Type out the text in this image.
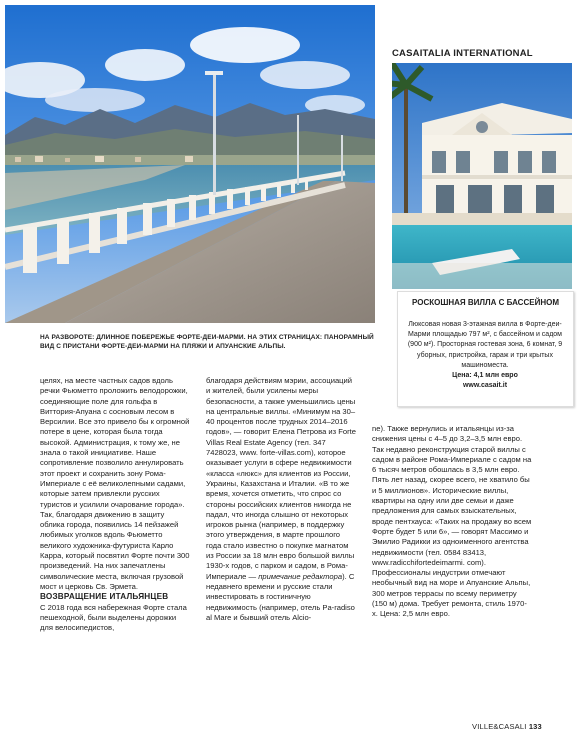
НА РАЗВОРОТЕ: ДЛИННОЕ ПОБЕРЕЖЬЕ ФОРТЕ-ДЕИ-МАРМИ. НА ЭТИХ СТРАНИЦАХ: ПАНОРАМНЫЙ ВИД С ПРИСТАНИ ФОРТЕ-ДЕИ-МАРМИ НА ПЛЯЖИ И АПУАНСКИЕ АЛЬПЫ.
CASAITALIA INTERNATIONAL
РОСКОШНАЯ ВИЛЛА С БАССЕЙНОМ
Люксовая новая 3-этажная вилла в Форте-деи-Марми площадью 797 м², с бассейном и садом (900 м²). Просторная гостевая зона, 6 комнат, 9 уборных, пристройка, гараж и три крытых машиноместа.
Цена: 4,1 млн евро
www.casait.it

целях, на месте частных садов вдоль речки Фьюметто проложить велодорожки, соединяющие поле для гольфа в Виттория-Апуана с сосновым лесом в Версилии. Все это привело бы к огромной потере в цене, которая была тогда высокой. Администрация, к тому же, не знала о такой инициативе. Наше сопротивление позволило аннулировать этот проект и сохранить зону Рома-Империале с её великолепными садами, которые затем привлекли русских туристов и усилили очарование города». Так, благодаря движению в защиту облика города, появились 14 пейзажей любимых уголков вдоль Фьюметто великого художника-футуриста Карло Карра, который посвятил Форте почти 300 произведений. На них запечатлены символические места, включая грузовой мост и церковь Св. Эрмета.

ВОЗВРАЩЕНИЕ ИТАЛЬЯНЦЕВ

С 2018 года вся набережная Форте стала пешеходной, были выделены дорожки для велосипедистов,

благодаря действиям мэрии, ассоциаций и жителей, были усилены меры безопасности, а также уменьшились цены на центральные виллы. «Минимум на 30–40 процентов после трудных 2014–2016 годов», — говорит Елена Петрова из Forte Villas Real Estate Agency (тел. 347 7428023, www. forte-villas.com), которое оказывает услуги в сфере недвижимости «класса «люкс» для клиентов из России, Украины, Казахстана и Италии. «В то же время, хочется отметить, что спрос со стороны российских клиентов никогда не падал, что иногда слышно от некоторых игроков рынка (например, в поддержку этого утверждения, в марте прошлого года стало известно о покупке магнатом из России за 18 млн евро большой виллы 1930-х годов, с парком и садом, в Рома-Империале — примечание редактора). С недавнего времени и русские стали инвестировать в гостиничную недвижимость (например, отель Pa-radiso al Mare и бывший отель Alcio-

ne). Также вернулись и итальянцы из-за снижения цены с 4–5 до 3,2–3,5 млн евро. Так недавно реконструкция старой виллы с садом в районе Рома-Империале с садом на 6 тысяч метров обошлась в 3,5 млн евро. Пять лет назад, скорее всего, не хватило бы и 5 миллионов». Исторические виллы, квартиры на одну или две семьи и даже предложения для самых взыскательных, вроде пентхауса: «Таких на продажу во всем Форте будет 5 или 6», — говорят Массимо и Эмилио Радикки из одноименного агентства недвижимости (тел. 0584 83413, www.radicchifortedeimarmi. com). Профессионалы индустрии отмечают необычный вид на море и Апуанские Альпы, 300 метров террасы по всему периметру (150 м) дома. Требует ремонта, стиль 1970-х. Цена: 2,5 млн евро.

VILLE&CASALI 133
